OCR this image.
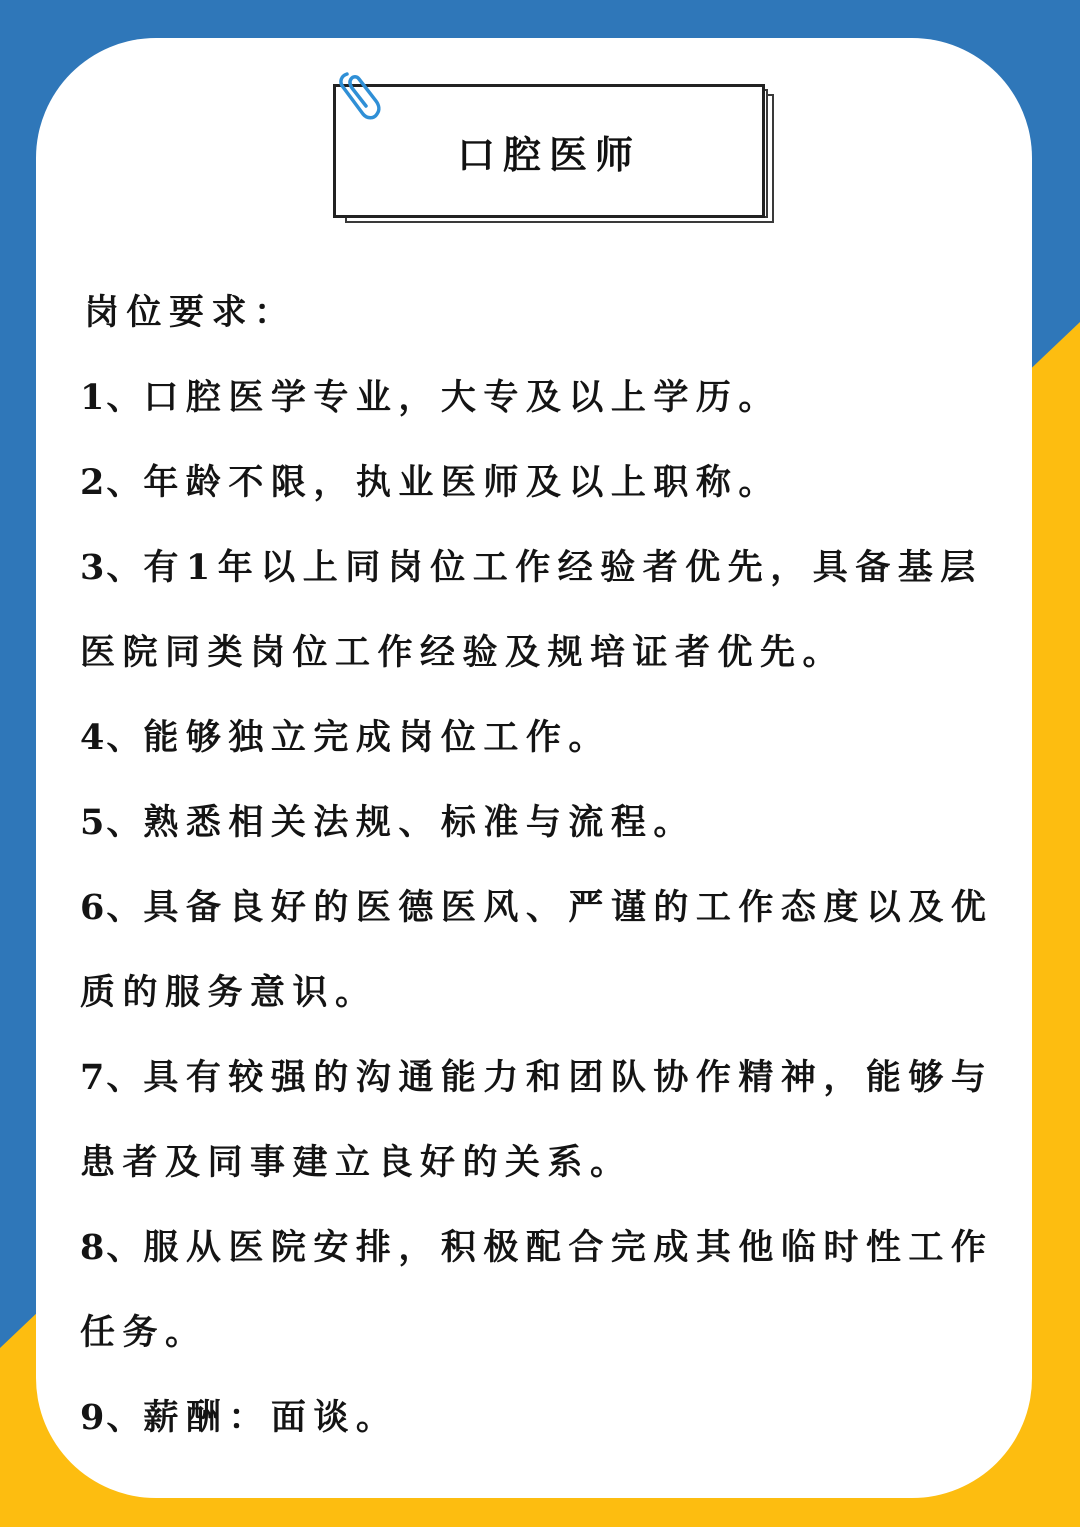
口腔医师

岗位要求：

1、口腔医学专业，大专及以上学历。

2、年龄不限，执业医师及以上职称。

3、有1年以上同岗位工作经验者优先，具备基层医院同类岗位工作经验及规培证者优先。

4、能够独立完成岗位工作。

5、熟悉相关法规、标准与流程。

6、具备良好的医德医风、严谨的工作态度以及优质的服务意识。

7、具有较强的沟通能力和团队协作精神，能够与患者及同事建立良好的关系。

8、服从医院安排，积极配合完成其他临时性工作任务。

9、薪酬：面谈。
